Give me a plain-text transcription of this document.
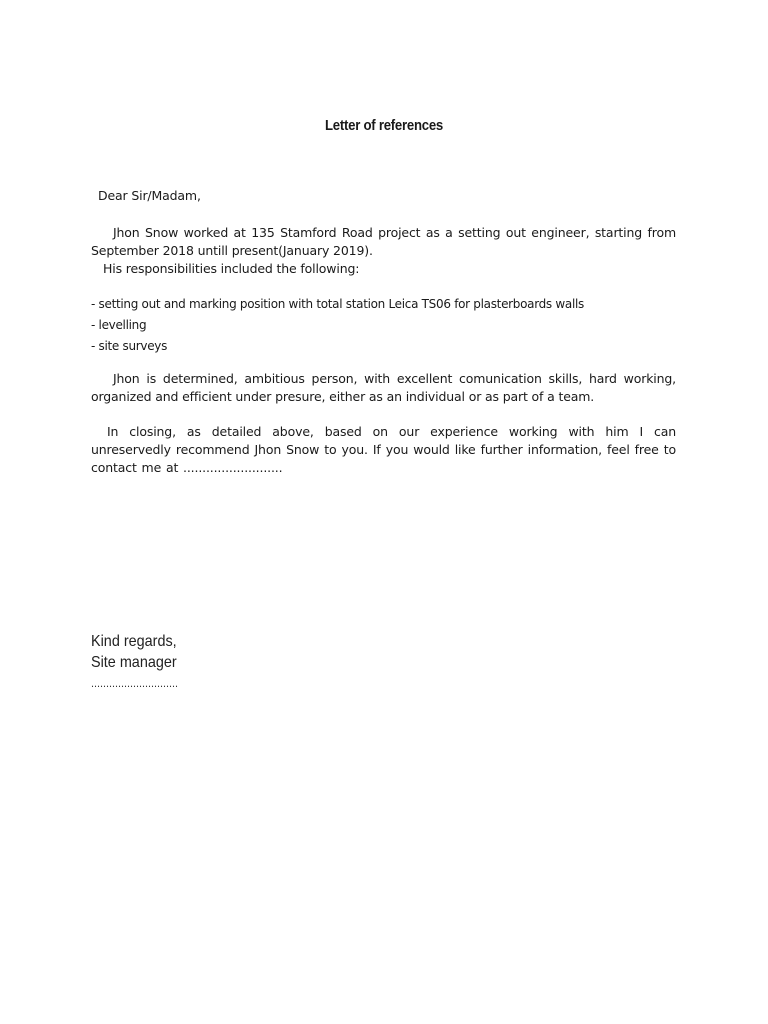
Letter of references
Dear Sir/Madam,
Jhon Snow worked at 135 Stamford Road project as a setting out engineer, starting from September 2018 untill present(January 2019).
His responsibilities included the following:
- setting out and marking position with total station Leica TS06 for plasterboards walls
- levelling
- site surveys
Jhon is determined, ambitious person, with excellent comunication skills, hard working, organized and efficient under presure, either as an individual or as part of a team.
In closing, as detailed above, based on our experience working with him I can unreservedly recommend Jhon Snow to you. If you would like further information, feel free to contact me at ..........................
Kind regards,
Site manager
.............................
